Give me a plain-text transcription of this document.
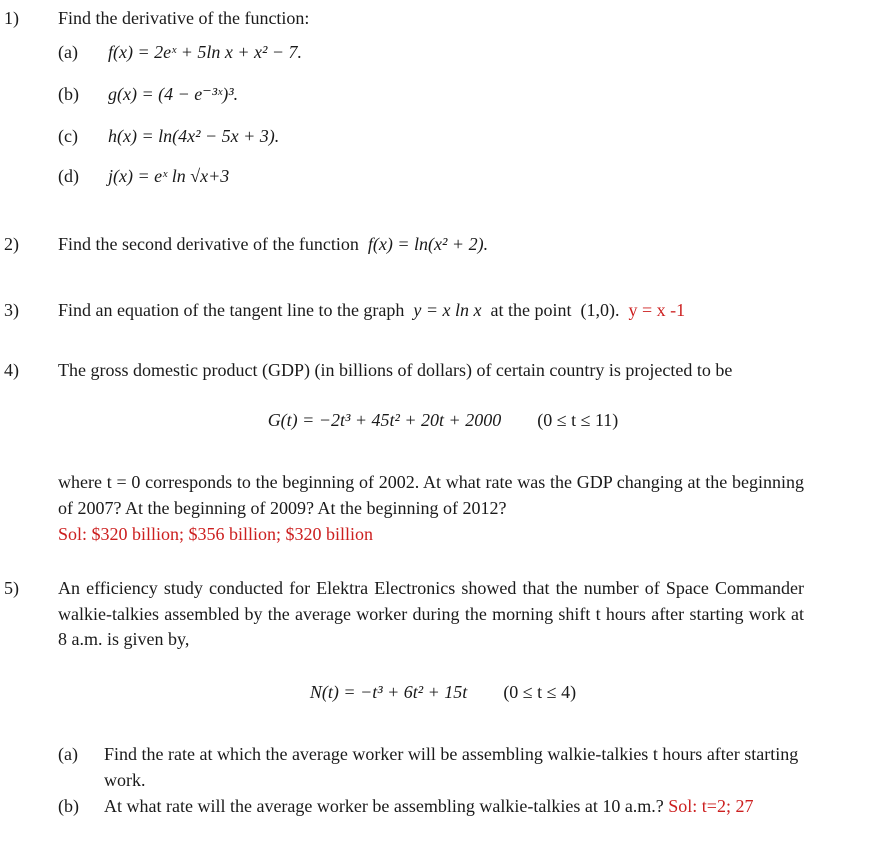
1) Find the derivative of the function:
(a) f(x) = 2eˣ + 5ln x + x² − 7.
(b) g(x) = (4 − e⁻³ˣ)³.
(c) h(x) = ln(4x² − 5x + 3).
(d) j(x) = eˣ ln √x+3
2) Find the second derivative of the function f(x) = ln(x² + 2).
3) Find an equation of the tangent line to the graph y = x ln x at the point (1,0). y = x -1
4) The gross domestic product (GDP) (in billions of dollars) of certain country is projected to be
G(t) = −2t³ + 45t² + 20t + 2000 (0 ≤ t ≤ 11)
where t = 0 corresponds to the beginning of 2002. At what rate was the GDP changing at the beginning of 2007? At the beginning of 2009? At the beginning of 2012?
Sol: $320 billion; $356 billion; $320 billion
5) An efficiency study conducted for Elektra Electronics showed that the number of Space Commander walkie-talkies assembled by the average worker during the morning shift t hours after starting work at 8 a.m. is given by,
N(t) = −t³ + 6t² + 15t (0 ≤ t ≤ 4)
(a)	Find the rate at which the average worker will be assembling walkie-talkies t hours after starting work.
(b)	At what rate will the average worker be assembling walkie-talkies at 10 a.m.? Sol: t=2; 27
